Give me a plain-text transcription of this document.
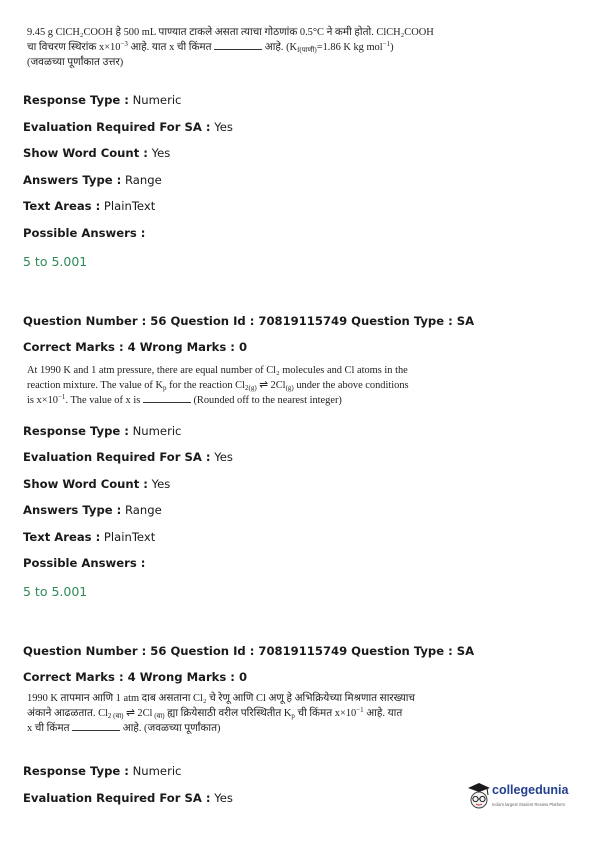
9.45 g ClCH₂COOH हे 500 mL पाण्यात टाकले असता त्याचा गोठणांक 0.5°C ने कमी होतो. ClCH₂COOH
चा विचरण स्थिरांक $x\times 10^{-3}$ आहे. यात x ची किंमत	आहे. ($K_{f(पाणी)}=1.86$ K kg mol$^{-1}$)
(जवळच्या पूर्णांकात उत्तर)
Response Type : Numeric
Evaluation Required For SA : Yes
Show Word Count : Yes
Answers Type : Range
Text Areas : PlainText
Possible Answers :
5 to 5.001
Question Number : 56 Question Id : 70819115749 Question Type : SA
Correct Marks : 4 Wrong Marks : 0
At 1990 K and 1 atm pressure, there are equal number of Cl₂ molecules and Cl atoms in the
reaction mixture. The value of $K_p$ for the reaction $Cl_{2(g)}$ ⇌ $2Cl_{(g)}$ under the above conditions
is $x\times 10^{-1}$. The value of x is	(Rounded off to the nearest integer)
Response Type : Numeric
Evaluation Required For SA : Yes
Show Word Count : Yes
Answers Type : Range
Text Areas : PlainText
Possible Answers :
5 to 5.001
Question Number : 56 Question Id : 70819115749 Question Type : SA
Correct Marks : 4 Wrong Marks : 0
1990 K तापमान आणि 1 atm दाब असताना Cl₂ चे रेणू आणि Cl अणू हे अभिक्रियेच्या मिश्रणात सारख्याच
अंकाने आढळतात. $Cl_{2 (वा)}$ ⇌ 2Cl $_{(वा)}$ ह्या क्रियेसाठी वरील परिस्थितीत $K_p$ ची किंमत $x\times 10^{-1}$ आहे. यात
x ची किंमत	आहे. (जवळच्या पूर्णांकात)
Response Type : Numeric
Evaluation Required For SA : Yes
collegedunia
India's largest Student Review Platform
